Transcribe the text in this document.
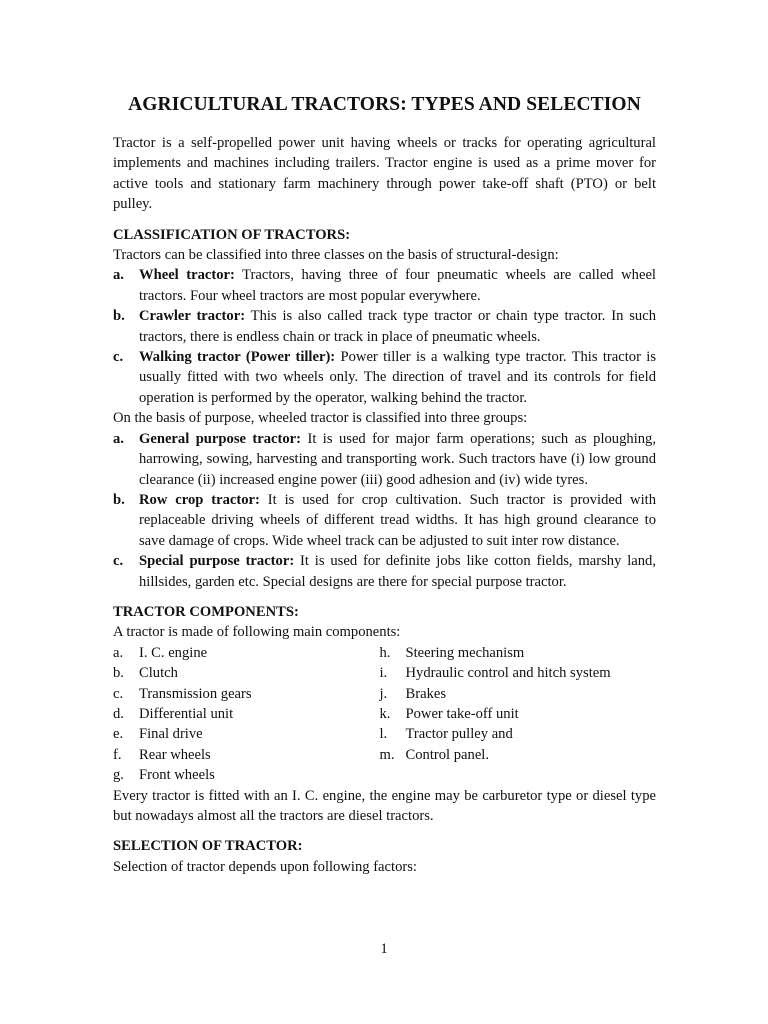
AGRICULTURAL TRACTORS: TYPES AND SELECTION

Tractor is a self-propelled power unit having wheels or tracks for operating agricultural implements and machines including trailers. Tractor engine is used as a prime mover for active tools and stationary farm machinery through power take-off shaft (PTO) or belt pulley.

CLASSIFICATION OF TRACTORS:

Tractors can be classified into three classes on the basis of structural-design:

a. Wheel tractor: Tractors, having three of four pneumatic wheels are called wheel tractors. Four wheel tractors are most popular everywhere.
b. Crawler tractor: This is also called track type tractor or chain type tractor. In such tractors, there is endless chain or track in place of pneumatic wheels.
c. Walking tractor (Power tiller): Power tiller is a walking type tractor. This tractor is usually fitted with two wheels only. The direction of travel and its controls for field operation is performed by the operator, walking behind the tractor.

On the basis of purpose, wheeled tractor is classified into three groups:

a. General purpose tractor: It is used for major farm operations; such as ploughing, harrowing, sowing, harvesting and transporting work. Such tractors have (i) low ground clearance (ii) increased engine power (iii) good adhesion and (iv) wide tyres.
b. Row crop tractor: It is used for crop cultivation. Such tractor is provided with replaceable driving wheels of different tread widths. It has high ground clearance to save damage of crops. Wide wheel track can be adjusted to suit inter row distance.
c. Special purpose tractor: It is used for definite jobs like cotton fields, marshy land, hillsides, garden etc. Special designs are there for special purpose tractor.
TRACTOR COMPONENTS:

A tractor is made of following main components:

a. I. C. engine
b. Clutch
c. Transmission gears
d. Differential unit
e. Final drive
f. Rear wheels
g. Front wheels
h. Steering mechanism
i. Hydraulic control and hitch system
j. Brakes
k. Power take-off unit
l. Tractor pulley and
m. Control panel.

Every tractor is fitted with an I. C. engine, the engine may be carburetor type or diesel type but nowadays almost all the tractors are diesel tractors.

SELECTION OF TRACTOR:

Selection of tractor depends upon following factors:

1
